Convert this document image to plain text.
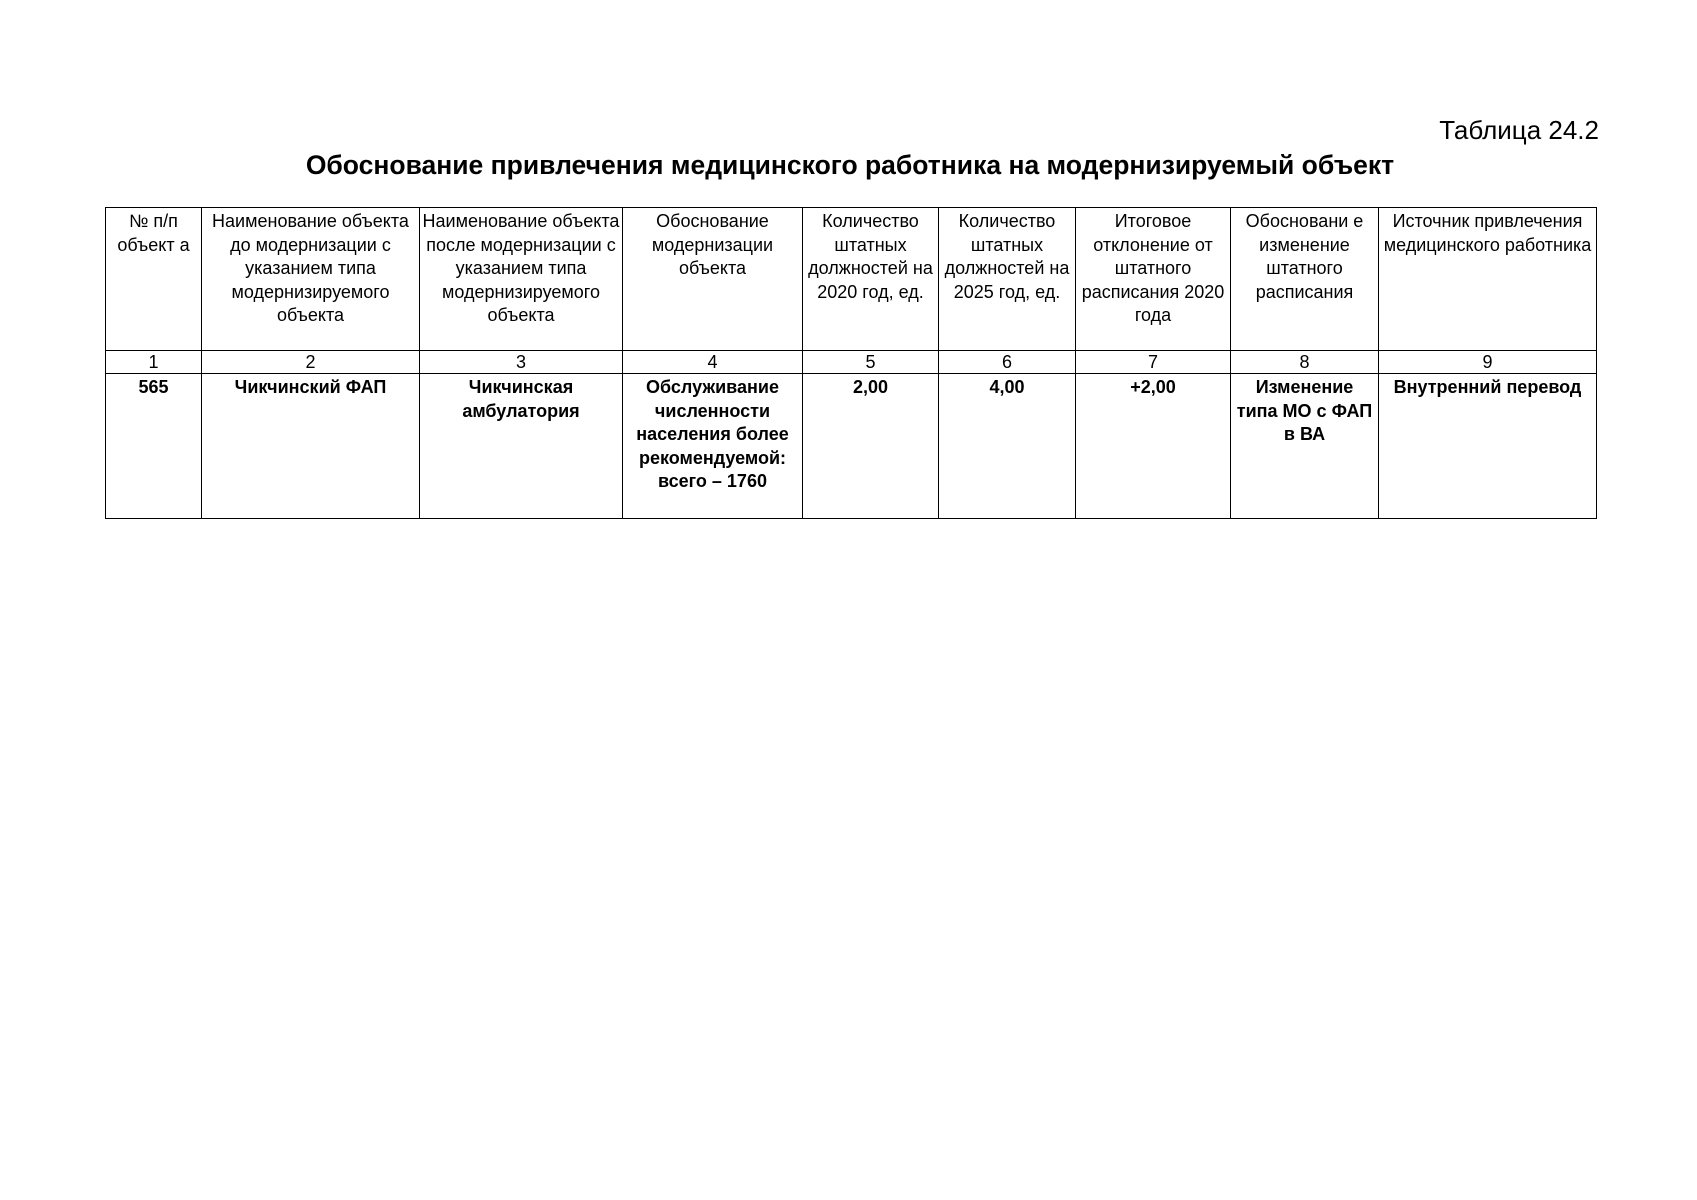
Таблица 24.2
Обоснование привлечения медицинского работника на модернизируемый объект
№ п/п объект а	Наименование объекта до модернизации с указанием типа модернизируемого объекта	Наименование объекта после модернизации с указанием типа модернизируемого объекта	Обоснование модернизации объекта	Количество штатных должностей на 2020 год, ед.	Количество штатных должностей на 2025 год, ед.	Итоговое отклонение от штатного расписания 2020 года	Обосновани е изменение штатного расписания	Источник привлечения медицинского работника
1	2	3	4	5	6	7	8	9
565	Чикчинский ФАП	Чикчинская амбулатория	Обслуживание численности населения более рекомендуемой: всего – 1760	2,00	4,00	+2,00	Изменение типа МО с ФАП в ВА	Внутренний перевод
